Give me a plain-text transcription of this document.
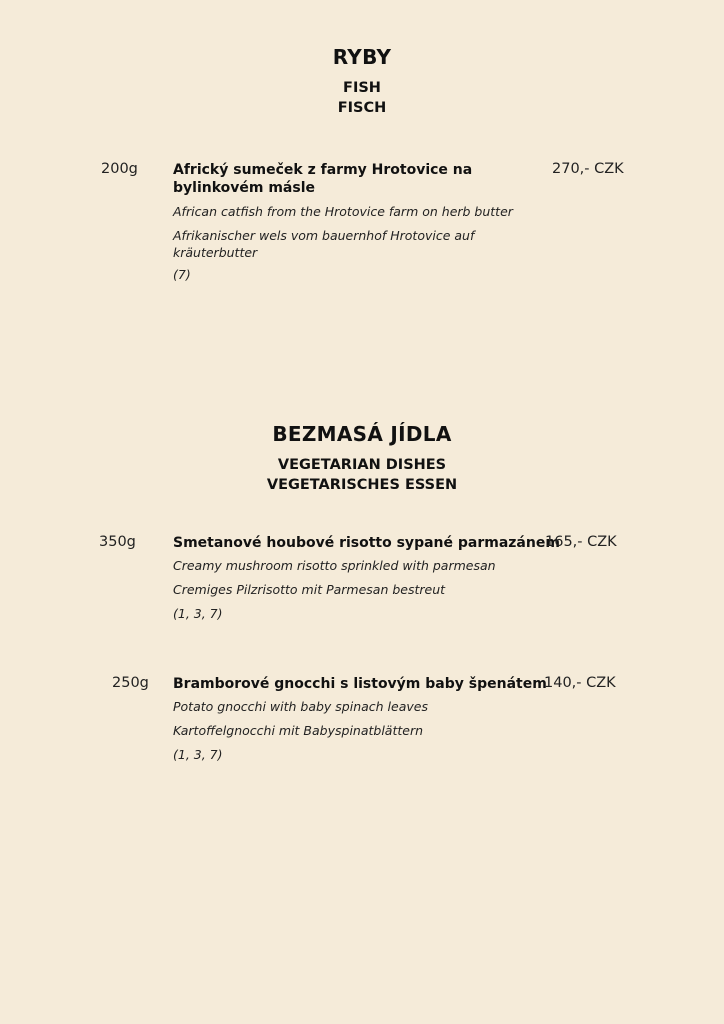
RYBY
FISH
FISCH
200g	Africký sumeček z farmy Hrotovice na bylinkovém másle
African catfish from the Hrotovice farm on herb butter
Afrikanischer wels vom bauernhof Hrotovice auf kräuterbutter
(7)
270,- CZK
BEZMASÁ JÍDLA
VEGETARIAN DISHES
VEGETARISCHES ESSEN
350g	Smetanové houbové risotto sypané parmazánem
Creamy mushroom risotto sprinkled with parmesan
Cremiges Pilzrisotto mit Parmesan bestreut
(1, 3, 7)
165,- CZK
250g Bramborové gnocchi s listovým baby špenátem
Potato gnocchi with baby spinach leaves
Kartoffelgnocchi mit Babyspinatblättern
(1, 3, 7)
140,- CZK
